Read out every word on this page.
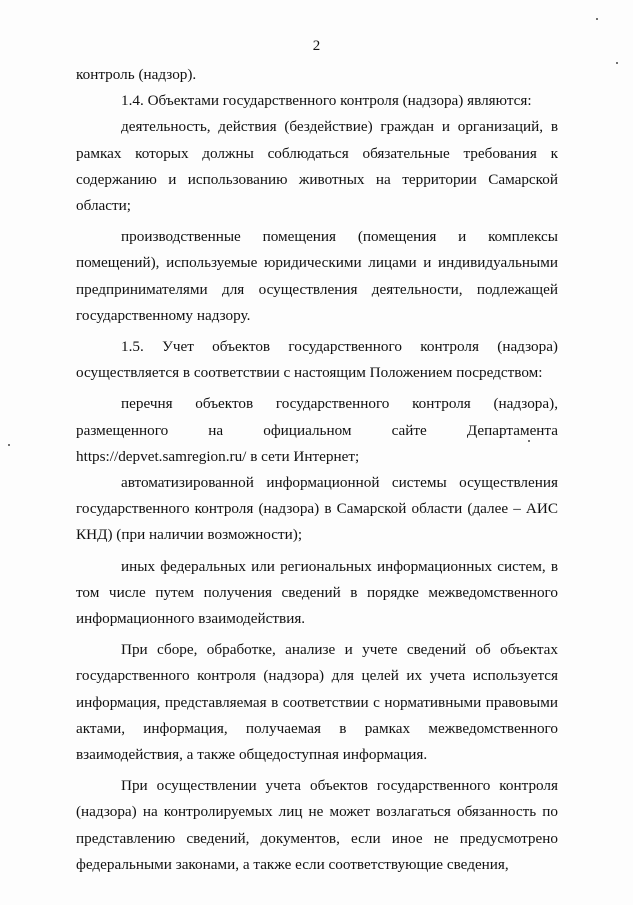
2

контроль (надзор).

1.4. Объектами государственного контроля (надзора) являются:

деятельность, действия (бездействие) граждан и организаций, в рамках которых должны соблюдаться обязательные требования к содержанию и использованию животных на территории Самарской области;

производственные помещения (помещения и комплексы помещений), используемые юридическими лицами и индивидуальными предпринимателями для осуществления деятельности, подлежащей государственному надзору.

1.5. Учет объектов государственного контроля (надзора) осуществляется в соответствии с настоящим Положением посредством:

перечня объектов государственного контроля (надзора), размещенного на официальном сайте Департамента https://depvet.samregion.ru/ в сети Интернет;

автоматизированной информационной системы осуществления государственного контроля (надзора) в Самарской области (далее – АИС КНД) (при наличии возможности);

иных федеральных или региональных информационных систем, в том числе путем получения сведений в порядке межведомственного информационного взаимодействия.

При сборе, обработке, анализе и учете сведений об объектах государственного контроля (надзора) для целей их учета используется информация, представляемая в соответствии с нормативными правовыми актами, информация, получаемая в рамках межведомственного взаимодействия, а также общедоступная информация.

При осуществлении учета объектов государственного контроля (надзора) на контролируемых лиц не может возлагаться обязанность по представлению сведений, документов, если иное не предусмотрено федеральными законами, а также если соответствующие сведения,
